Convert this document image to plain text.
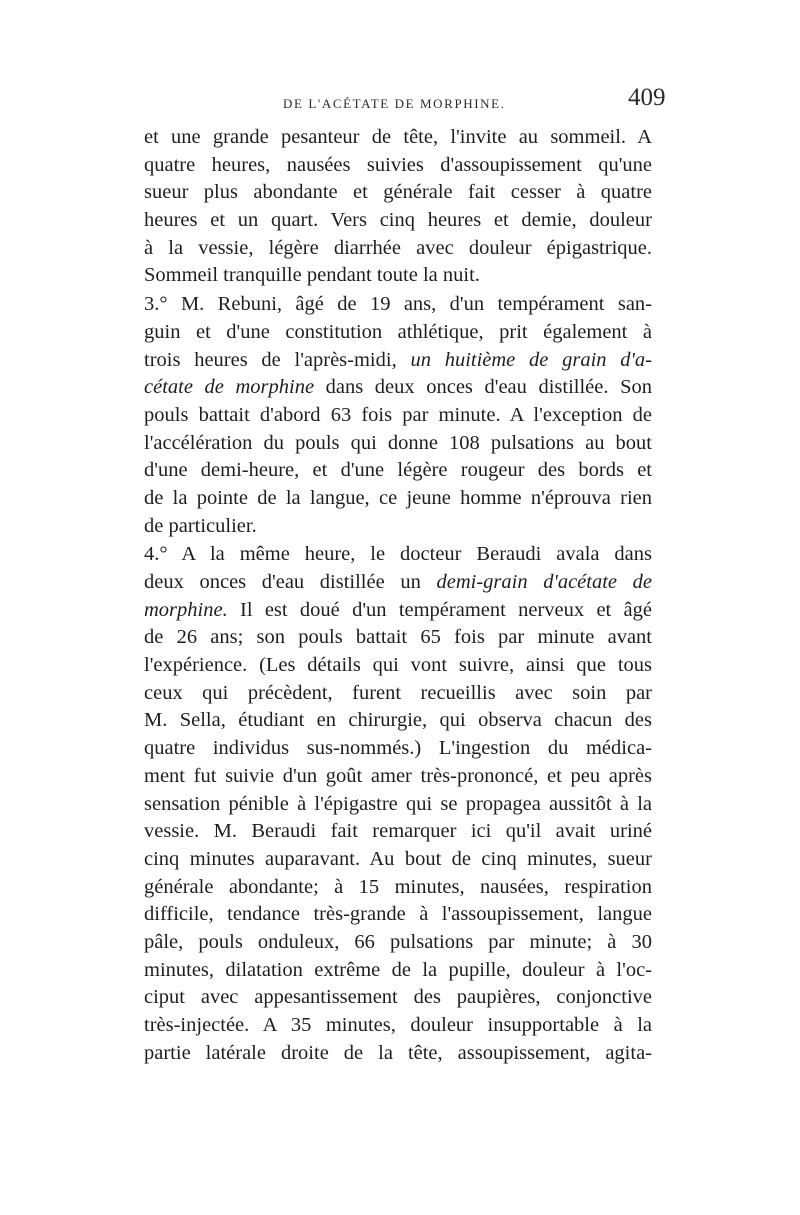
DE L'ACÉTATE DE MORPHINE.	409
et une grande pesanteur de tête, l'invite au sommeil. A
quatre heures, nausées suivies d'assoupissement qu'une
sueur plus abondante et générale fait cesser à quatre
heures et un quart. Vers cinq heures et demie, douleur
à la vessie, légère diarrhée avec douleur épigastrique.
Sommeil tranquille pendant toute la nuit.
3.° M. Rebuni, âgé de 19 ans, d'un tempérament san-
guin et d'une constitution athlétique, prit également à
trois heures de l'après-midi, un huitième de grain d'a-
cétate de morphine dans deux onces d'eau distillée. Son
pouls battait d'abord 63 fois par minute. A l'exception de
l'accélération du pouls qui donne 108 pulsations au bout
d'une demi-heure, et d'une légère rougeur des bords et
de la pointe de la langue, ce jeune homme n'éprouva rien
de particulier.
4.° A la même heure, le docteur Beraudi avala dans
deux onces d'eau distillée un demi-grain d'acétate de
morphine. Il est doué d'un tempérament nerveux et âgé
de 26 ans; son pouls battait 65 fois par minute avant
l'expérience. (Les détails qui vont suivre, ainsi que tous
ceux qui précèdent, furent recueillis avec soin par
M. Sella, étudiant en chirurgie, qui observa chacun des
quatre individus sus-nommés.) L'ingestion du médica-
ment fut suivie d'un goût amer très-prononcé, et peu après
sensation pénible à l'épigastre qui se propagea aussitôt à la
vessie. M. Beraudi fait remarquer ici qu'il avait uriné
cinq minutes auparavant. Au bout de cinq minutes, sueur
générale abondante; à 15 minutes, nausées, respiration
difficile, tendance très-grande à l'assoupissement, langue
pâle, pouls onduleux, 66 pulsations par minute; à 30
minutes, dilatation extrême de la pupille, douleur à l'oc-
ciput avec appesantissement des paupières, conjonctive
très-injectée. A 35 minutes, douleur insupportable à la
partie latérale droite de la tête, assoupissement, agita-
